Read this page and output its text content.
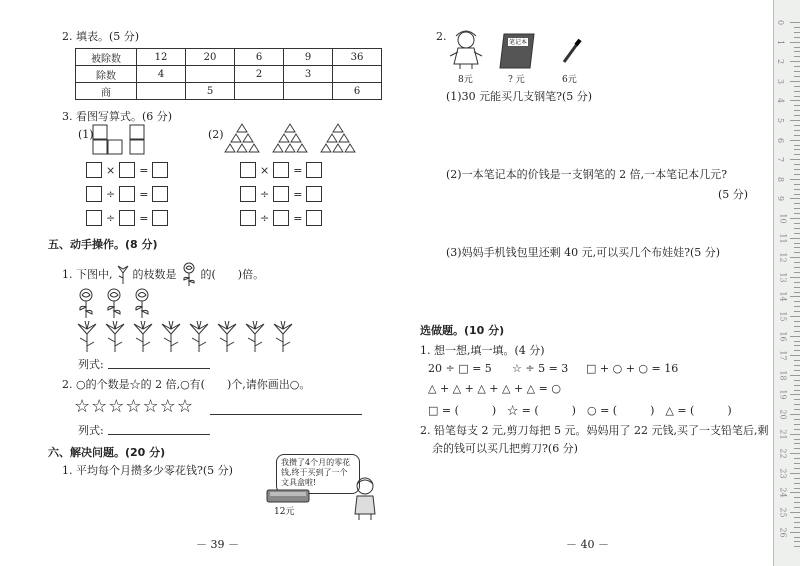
2. 填表。(5 分)
被除数	12	20	6	9	36
除数	4		2	3	
商		5			6
3. 看图写算式。(6 分)
(1)	(2)
× =
÷ =
÷ =
× =
÷ =
÷ =
五、动手操作。(8 分)
1. 下图中, 的枝数是 的(　　)倍。
列式:
2. ○的个数是☆的 2 倍,○有(　　)个,请你画出○。
☆☆☆☆☆☆☆
列式:
六、解决问题。(20 分)
1. 平均每个月攒多少零花钱?(5 分)
我攒了4个月的零花钱,终于买到了一个文具盒啦!
12元
－ 39 －
2.
8元
笔记本
? 元	6元
(1)30 元能买几支钢笔?(5 分)
(2)一本笔记本的价钱是一支钢笔的 2 倍,一本笔记本几元?
(5 分)
(3)妈妈手机钱包里还剩 40 元,可以买几个布娃娃?(5 分)
选做题。(10 分)
1. 想一想,填一填。(4 分)
20 ÷ □ = 5 ☆ ÷ 5 = 3 □ + ○ + ○ = 16
△ + △ + △ + △ + △ = ○
□ = (　　　)　☆ = (　　　)　○ = (　　　)　△ = (　　　)
2. 铅笔每支 2 元,剪刀每把 5 元。妈妈用了 22 元钱,买了一支铅笔后,剩
余的钱可以买几把剪刀?(6 分)
－ 40 －
0
1
2
3
4
5
6
7
8
9
10
11
12
13
14
15
16
17
18
19
20
21
22
23
24
25
26
